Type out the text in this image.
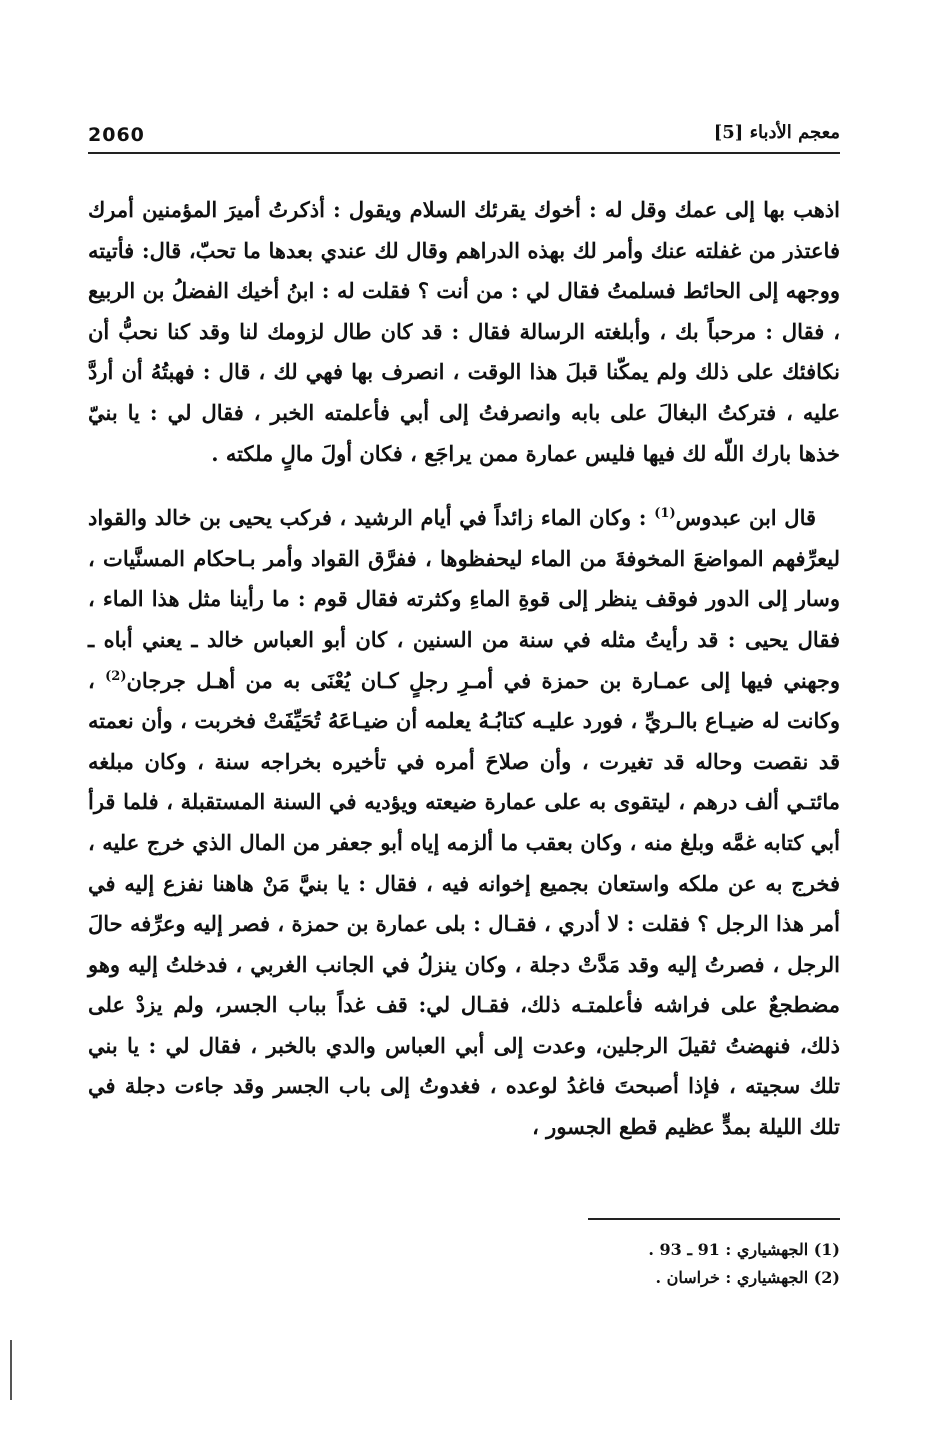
2060	معجم الأدباء [5]

اذهب بها إلى عمك وقل له : أخوك يقرئك السلام ويقول : أذكرتُ أميرَ المؤمنين أمرك فاعتذر من غفلته عنك وأمر لك بهذه الدراهم وقال لك عندي بعدها ما تحبّ، قال: فأتيته ووجهه إلى الحائط فسلمتُ فقال لي : من أنت ؟ فقلت له : ابنُ أخيك الفضلُ بن الربيع ، فقال : مرحباً بك ، وأبلغته الرسالة فقال : قد كان طال لزومك لنا وقد كنا نحبُّ أن نكافئك على ذلك ولم يمكّنا قبلَ هذا الوقت ، انصرف بها فهي لك ، قال : فهبتُهُ أن أردَّ عليه ، فتركتُ البغالَ على بابه وانصرفتُ إلى أبي فأعلمته الخبر ، فقال لي : يا بنيّ خذها بارك اللّه لك فيها فليس عمارة ممن يراجَع ، فكان أولَ مالٍ ملكته .

قال ابن عبدوس$^{(1)}$ : وكان الماء زائداً في أيام الرشيد ، فركب يحيى بن خالد والقواد ليعرِّفهم المواضعَ المخوفةَ من الماء ليحفظوها ، ففرَّق القواد وأمر بـاحكام المسنَّيات ، وسار إلى الدور فوقف ينظر إلى قوةِ الماءِ وكثرته فقال قوم : ما رأينا مثل هذا الماء ، فقال يحيى : قد رأيتُ مثله في سنة من السنين ، كان أبو العباس خالد ـ يعني أباه ـ وجهني فيها إلى عمـارة بن حمزة في أمـرِ رجلٍ كـان يُعْنَى به من أهـل جرجان$^{(2)}$ ، وكانت له ضيـاع بالـريِّ ، فورد عليـه كتابُـهُ يعلمه أن ضيـاعَهُ تُحَيِّفَتْ فخربت ، وأن نعمته قد نقصت وحاله قد تغيرت ، وأن صلاحَ أمره في تأخيره بخراجه سنة ، وكان مبلغه مائتـي ألف درهم ، ليتقوى به على عمارة ضيعته ويؤديه في السنة المستقبلة ، فلما قرأ أبي كتابه غمَّه وبلغ منه ، وكان بعقب ما ألزمه إياه أبو جعفر من المال الذي خرج عليه ، فخرج به عن ملكه واستعان بجميع إخوانه فيه ، فقال : يا بنيَّ مَنْ هاهنا نفزع إليه في أمر هذا الرجل ؟ فقلت : لا أدري ، فقـال : بلى عمارة بن حمزة ، فصر إليه وعرِّفه حالَ الرجل ، فصرتُ إليه وقد مَدَّتْ دجلة ، وكان ينزلُ في الجانب الغربي ، فدخلتُ إليه وهو مضطجعٌ على فراشه فأعلمتـه ذلك، فقـال لي: قف غداً بباب الجسر، ولم يزدْ على ذلك، فنهضتُ ثقيلَ الرجلين، وعدت إلى أبي العباس والدي بالخبر ، فقال لي : يا بني تلك سجيته ، فإذا أصبحتَ فاغدُ لوعده ، فغدوتُ إلى باب الجسر وقد جاءت دجلة في تلك الليلة بمدٍّ عظيم قطع الجسور ،

(1) الجهشياري : 91 ـ 93 .

(2) الجهشياري : خراسان .
